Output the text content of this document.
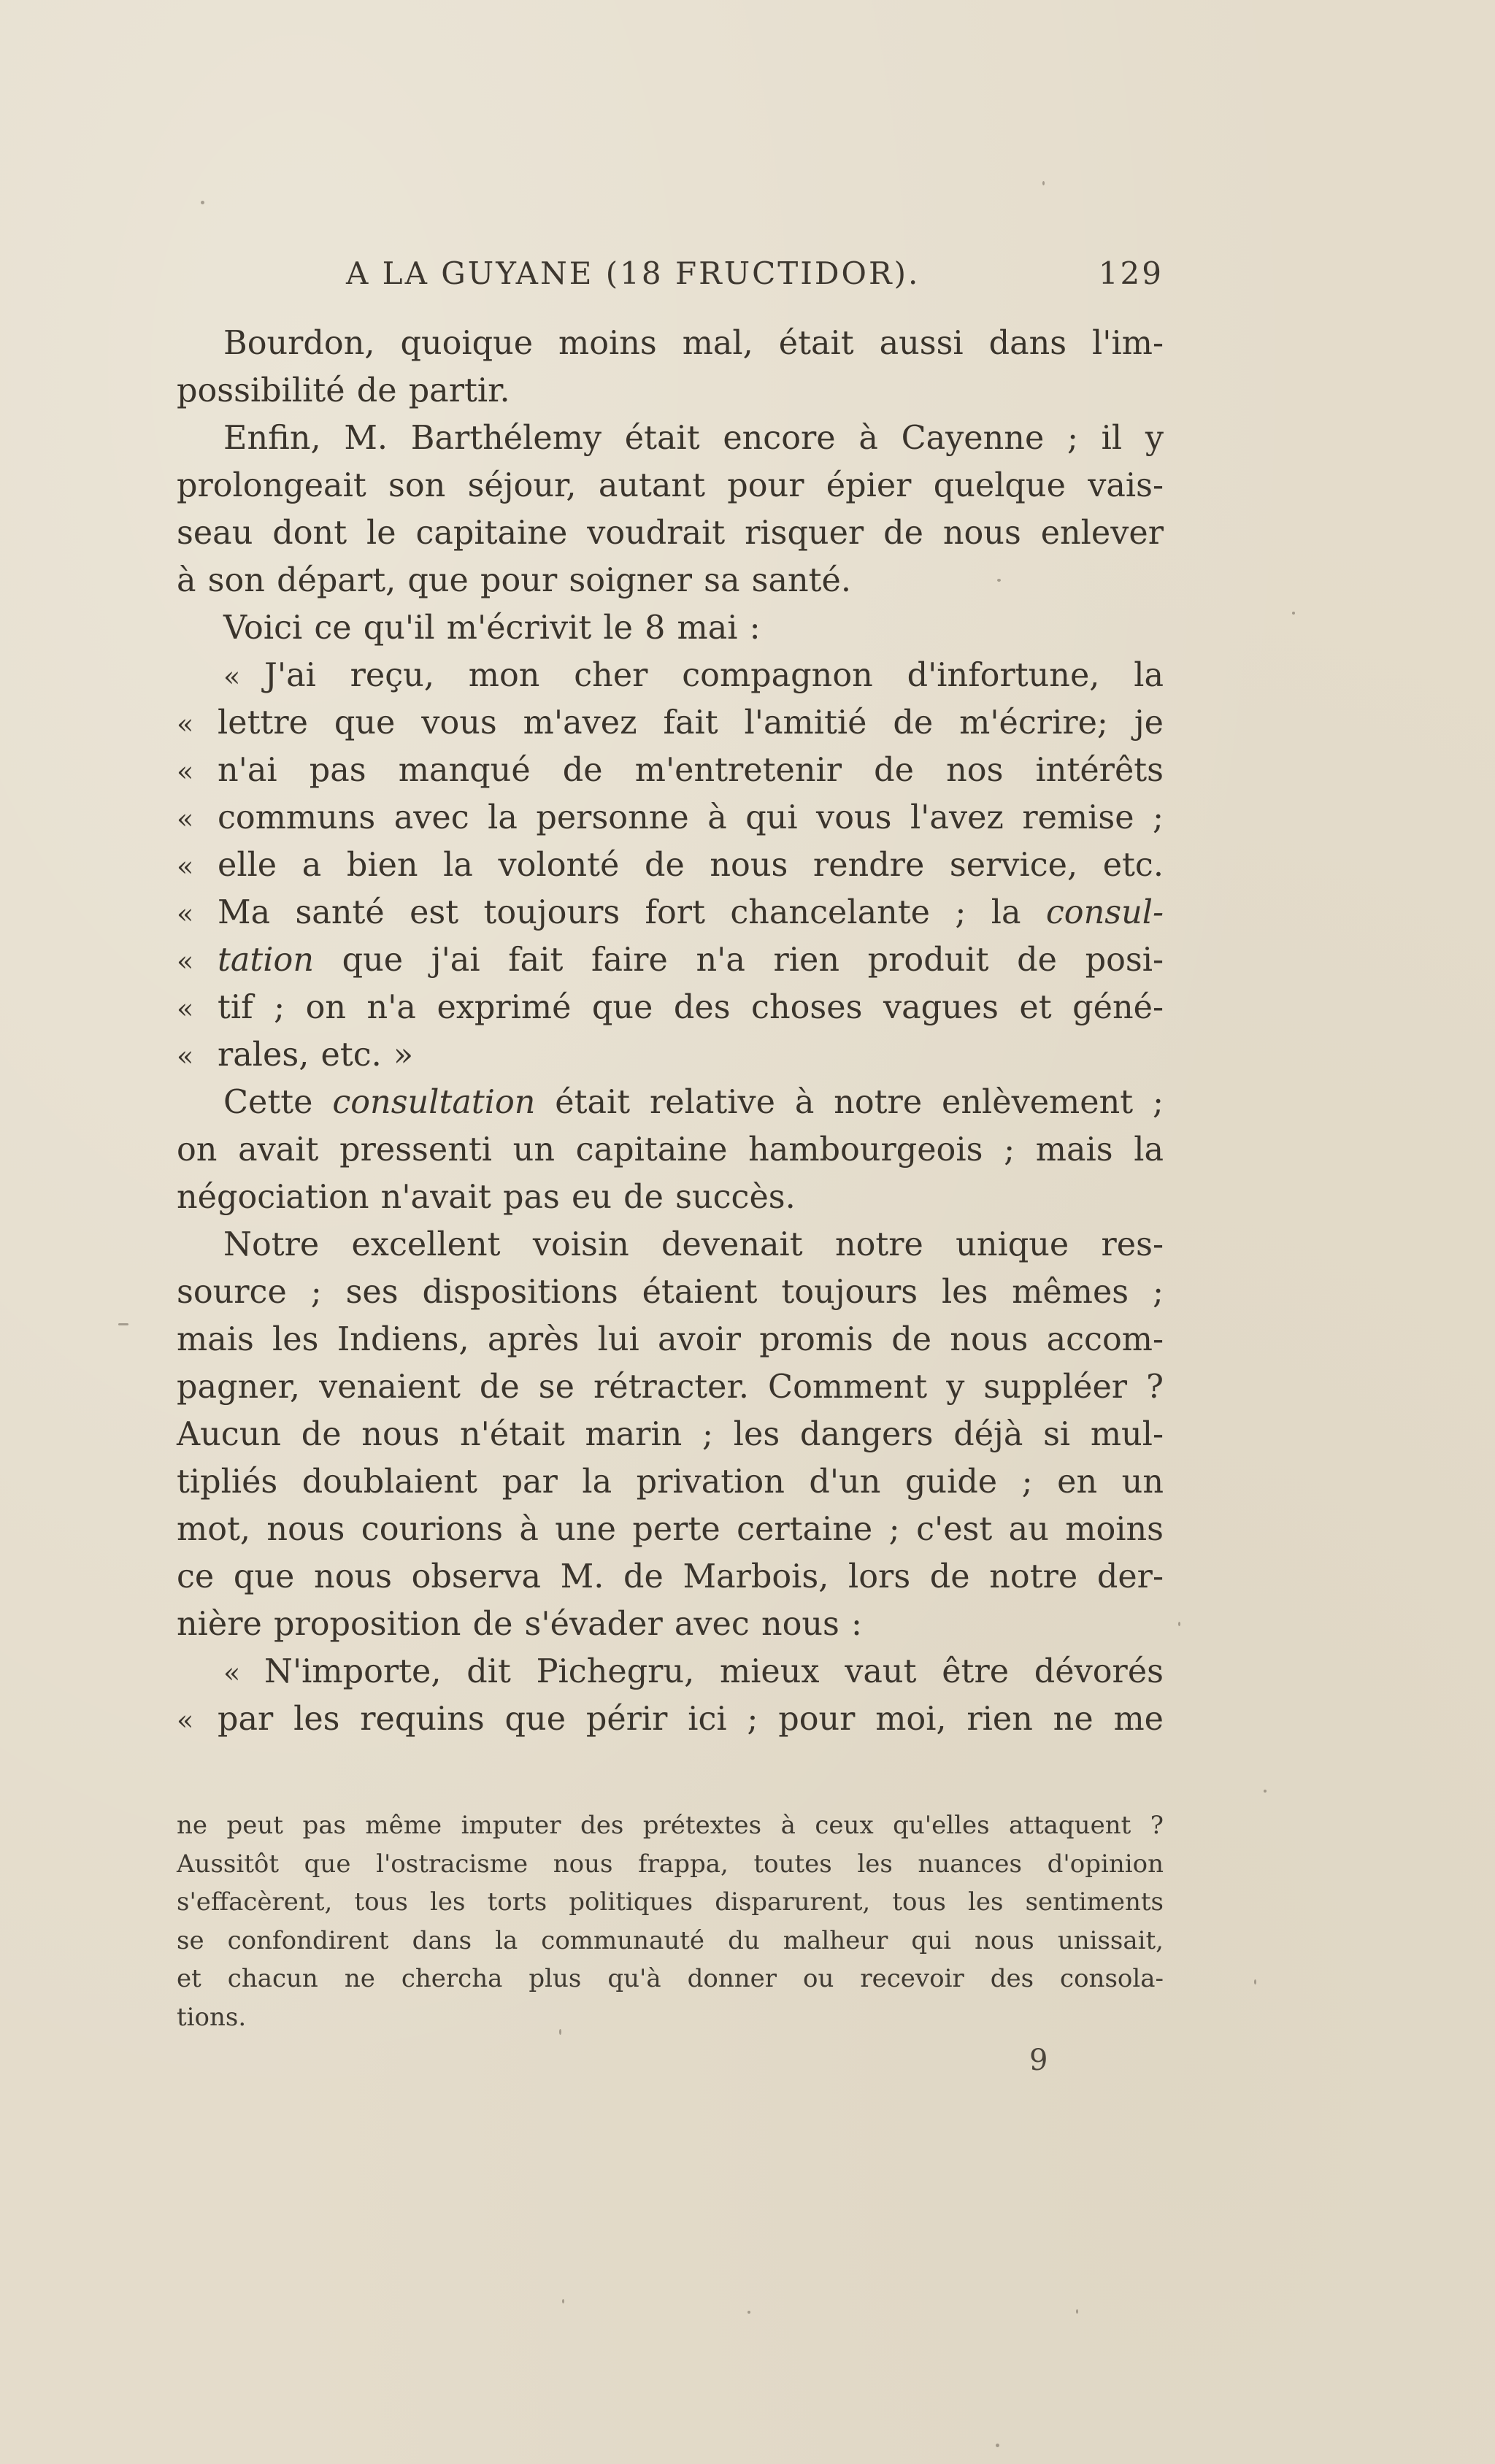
A LA GUYANE (18 FRUCTIDOR).	129
Bourdon, quoique moins mal, était aussi dans l'im-
possibilité de partir.
Enfin, M. Barthélemy était encore à Cayenne ; il y
prolongeait son séjour, autant pour épier quelque vais-
seau dont le capitaine voudrait risquer de nous enlever
à son départ, que pour soigner sa santé.
Voici ce qu'il m'écrivit le 8 mai :
« J'ai reçu, mon cher compagnon d'infortune, la
« lettre que vous m'avez fait l'amitié de m'écrire; je
« n'ai pas manqué de m'entretenir de nos intérêts
« communs avec la personne à qui vous l'avez remise ;
« elle a bien la volonté de nous rendre service, etc.
« Ma santé est toujours fort chancelante ; la consul-
« tation que j'ai fait faire n'a rien produit de posi-
« tif ; on n'a exprimé que des choses vagues et géné-
« rales, etc. »
Cette consultation était relative à notre enlèvement ;
on avait pressenti un capitaine hambourgeois ; mais la
négociation n'avait pas eu de succès.
Notre excellent voisin devenait notre unique res-
source ; ses dispositions étaient toujours les mêmes ;
mais les Indiens, après lui avoir promis de nous accom-
pagner, venaient de se rétracter. Comment y suppléer ?
Aucun de nous n'était marin ; les dangers déjà si mul-
tipliés doublaient par la privation d'un guide ; en un
mot, nous courions à une perte certaine ; c'est au moins
ce que nous observa M. de Marbois, lors de notre der-
nière proposition de s'évader avec nous :
« N'importe, dit Pichegru, mieux vaut être dévorés
« par les requins que périr ici ; pour moi, rien ne me
ne peut pas même imputer des prétextes à ceux qu'elles attaquent ?
Aussitôt que l'ostracisme nous frappa, toutes les nuances d'opinion
s'effacèrent, tous les torts politiques disparurent, tous les sentiments
se confondirent dans la communauté du malheur qui nous unissait,
et chacun ne chercha plus qu'à donner ou recevoir des consola-
tions.
9
